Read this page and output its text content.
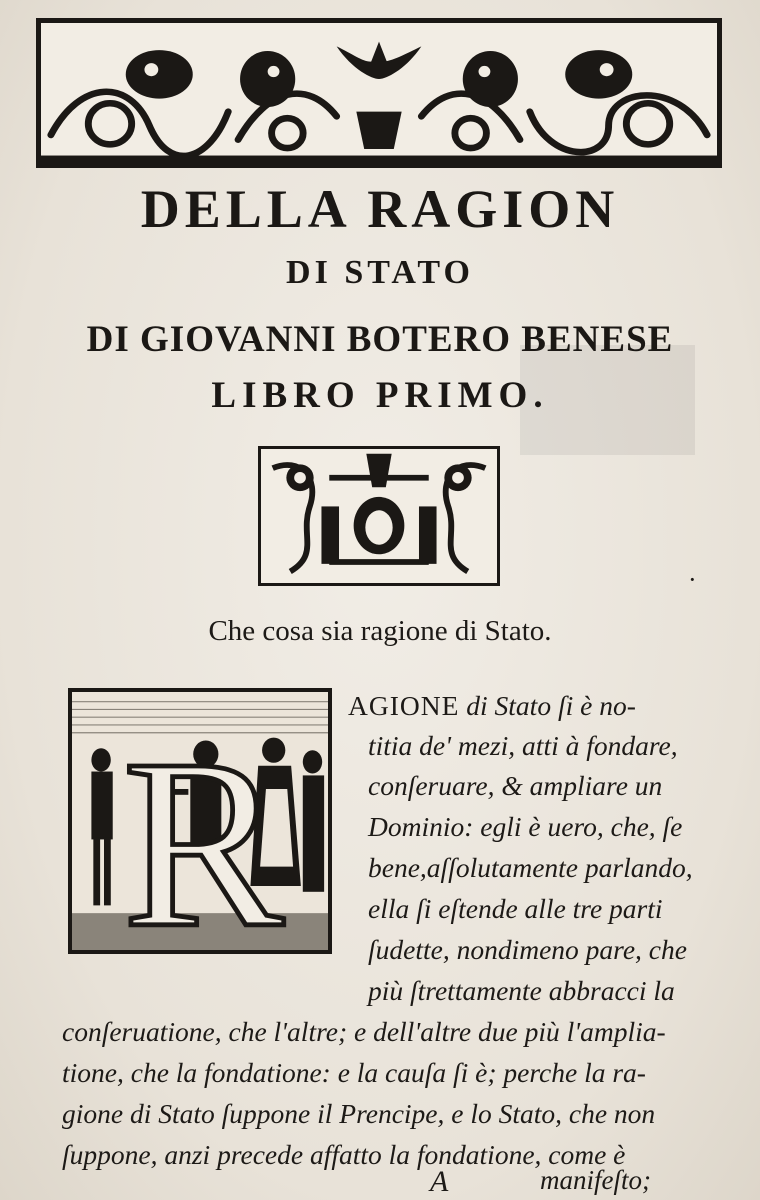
DELLA RAGION
DI STATO
DI GIOVANNI BOTERO BENESE
LIBRO PRIMO.
·
Che cosa sia ragione di Stato.
R
AGIONE di Stato ſi è no-
titia de' mezi, atti à fondare,
conſeruare, & ampliare un
Dominio: egli è uero, che, ſe
bene,aſſolutamente parlando,
ella ſi eſtende alle tre parti
ſudette, nondimeno pare, che
più ſtrettamente abbracci la
conſeruatione, che l'altre; e dell'altre due più l'amplia-
tione, che la fondatione: e la cauſa ſi è; perche la ra-
gione di Stato ſuppone il Prencipe, e lo Stato, che non
ſuppone, anzi precede affatto la fondatione, come è
A	manifeſto;
